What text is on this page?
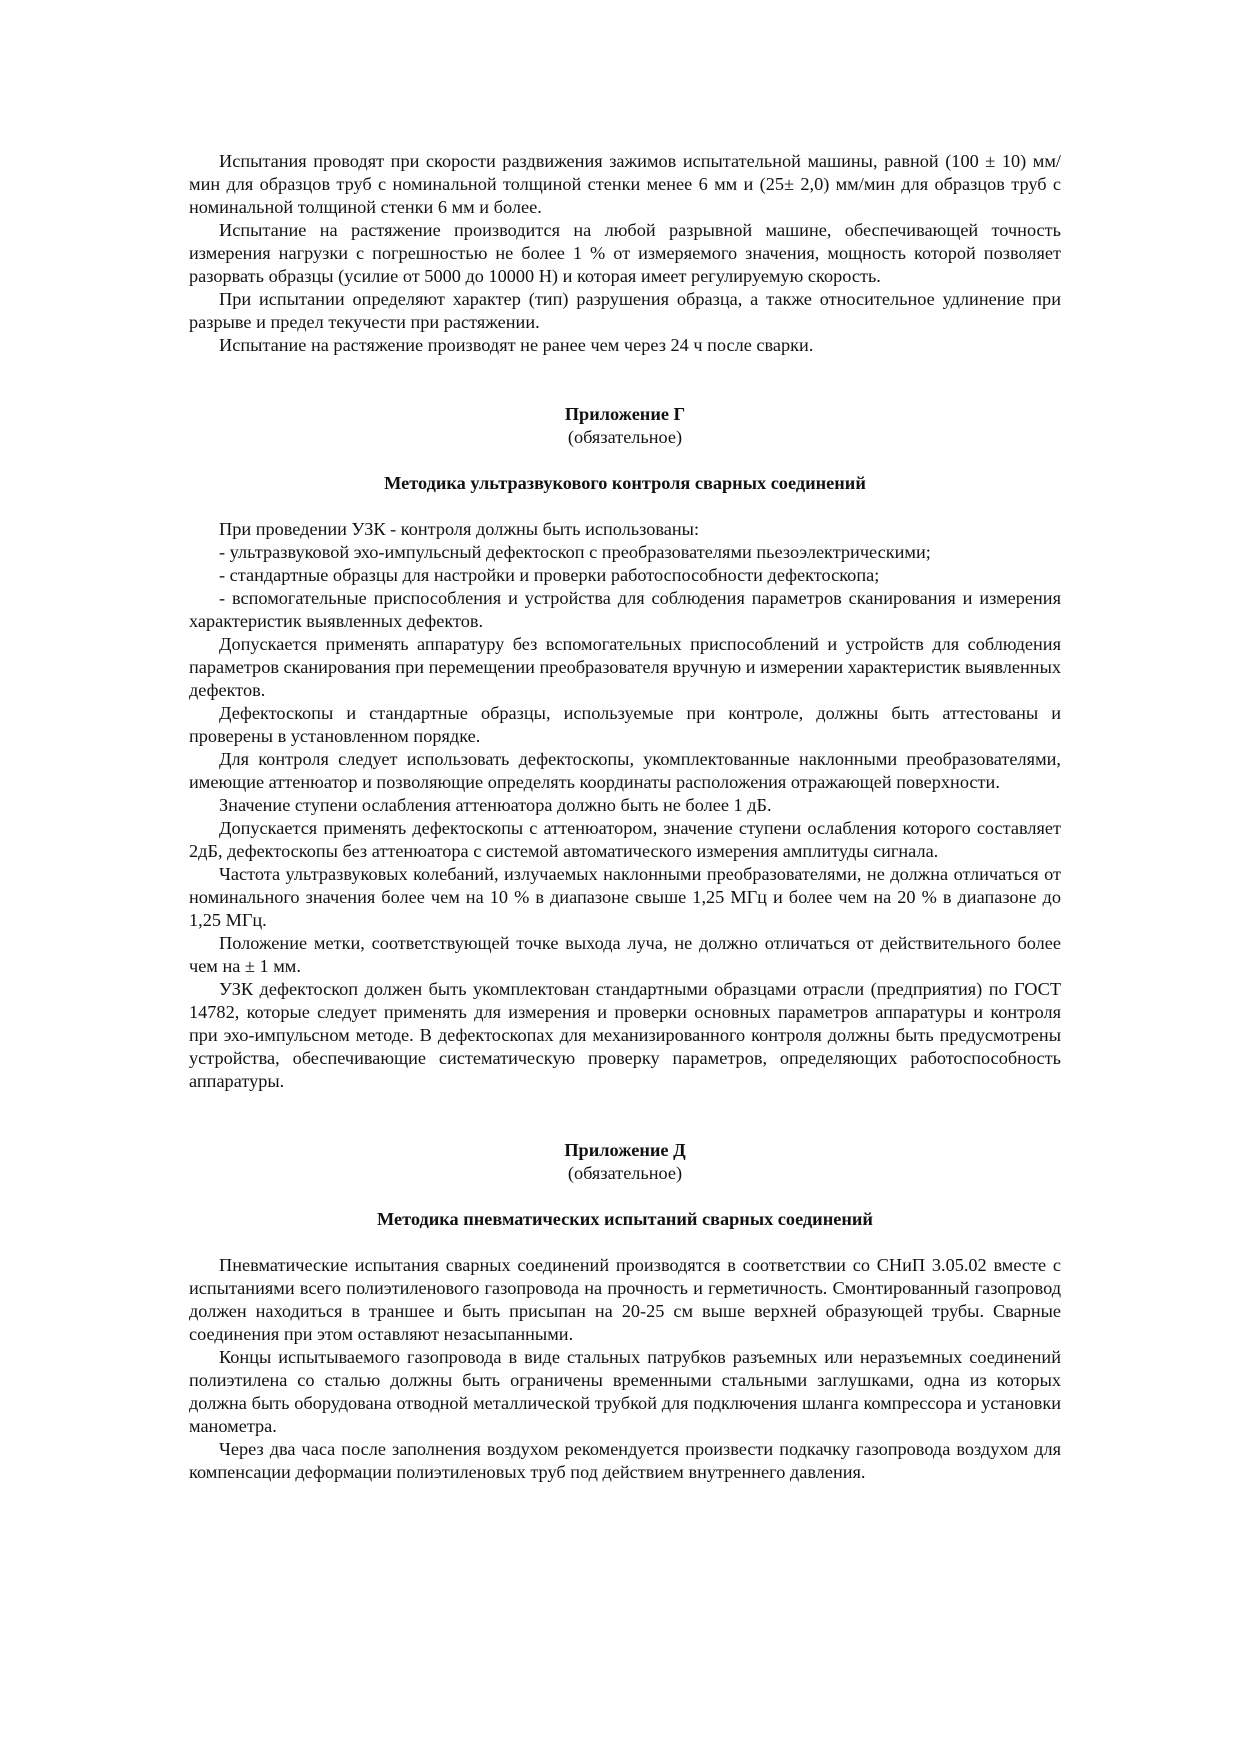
Испытания проводят при скорости раздвижения зажимов испытательной машины, равной (100 ± 10) мм/мин для образцов труб с номинальной толщиной стенки менее 6 мм и (25± 2,0) мм/мин для образцов труб с номинальной толщиной стенки 6 мм и более.

Испытание на растяжение производится на любой разрывной машине, обеспечивающей точность измерения нагрузки с погрешностью не более 1 % от измеряемого значения, мощность которой позволяет разорвать образцы (усилие от 5000 до 10000 Н) и которая имеет регулируемую скорость.

При испытании определяют характер (тип) разрушения образца, а также относительное удлинение при разрыве и предел текучести при растяжении.

Испытание на растяжение производят не ранее чем через 24 ч после сварки.

Приложение Г

(обязательное)

Методика ультразвукового контроля сварных соединений

При проведении УЗК - контроля должны быть использованы:

- ультразвуковой эхо-импульсный дефектоскоп с преобразователями пьезоэлектрическими;

- стандартные образцы для настройки и проверки работоспособности дефектоскопа;

- вспомогательные приспособления и устройства для соблюдения параметров сканирования и измерения характеристик выявленных дефектов.

Допускается применять аппаратуру без вспомогательных приспособлений и устройств для соблюдения параметров сканирования при перемещении преобразователя вручную и измерении характеристик выявленных дефектов.

Дефектоскопы и стандартные образцы, используемые при контроле, должны быть аттестованы и проверены в установленном порядке.

Для контроля следует использовать дефектоскопы, укомплектованные наклонными преобразователями, имеющие аттенюатор и позволяющие определять координаты расположения отражающей поверхности.

Значение ступени ослабления аттенюатора должно быть не более 1 дБ.

Допускается применять дефектоскопы с аттенюатором, значение ступени ослабления которого составляет 2дБ, дефектоскопы без аттенюатора с системой автоматического измерения амплитуды сигнала.

Частота ультразвуковых колебаний, излучаемых наклонными преобразователями, не должна отличаться от номинального значения более чем на 10 % в диапазоне свыше 1,25 МГц и более чем на 20 % в диапазоне до 1,25 МГц.

Положение метки, соответствующей точке выхода луча, не должно отличаться от действительного более чем на ± 1 мм.

УЗК дефектоскоп должен быть укомплектован стандартными образцами отрасли (предприятия) по ГОСТ 14782, которые следует применять для измерения и проверки основных параметров аппаратуры и контроля при эхо-импульсном методе. В дефектоскопах для механизированного контроля должны быть предусмотрены устройства, обеспечивающие систематическую проверку параметров, определяющих работоспособность аппаратуры.

Приложение Д

(обязательное)

Методика пневматических испытаний сварных соединений

Пневматические испытания сварных соединений производятся в соответствии со СНиП 3.05.02 вместе с испытаниями всего полиэтиленового газопровода на прочность и герметичность. Смонтированный газопровод должен находиться в траншее и быть присыпан на 20-25 см выше верхней образующей трубы. Сварные соединения при этом оставляют незасыпанными.

Концы испытываемого газопровода в виде стальных патрубков разъемных или неразъемных соединений полиэтилена со сталью должны быть ограничены временными стальными заглушками, одна из которых должна быть оборудована отводной металлической трубкой для подключения шланга компрессора и установки манометра.

Через два часа после заполнения воздухом рекомендуется произвести подкачку газопровода воздухом для компенсации деформации полиэтиленовых труб под действием внутреннего давления.
